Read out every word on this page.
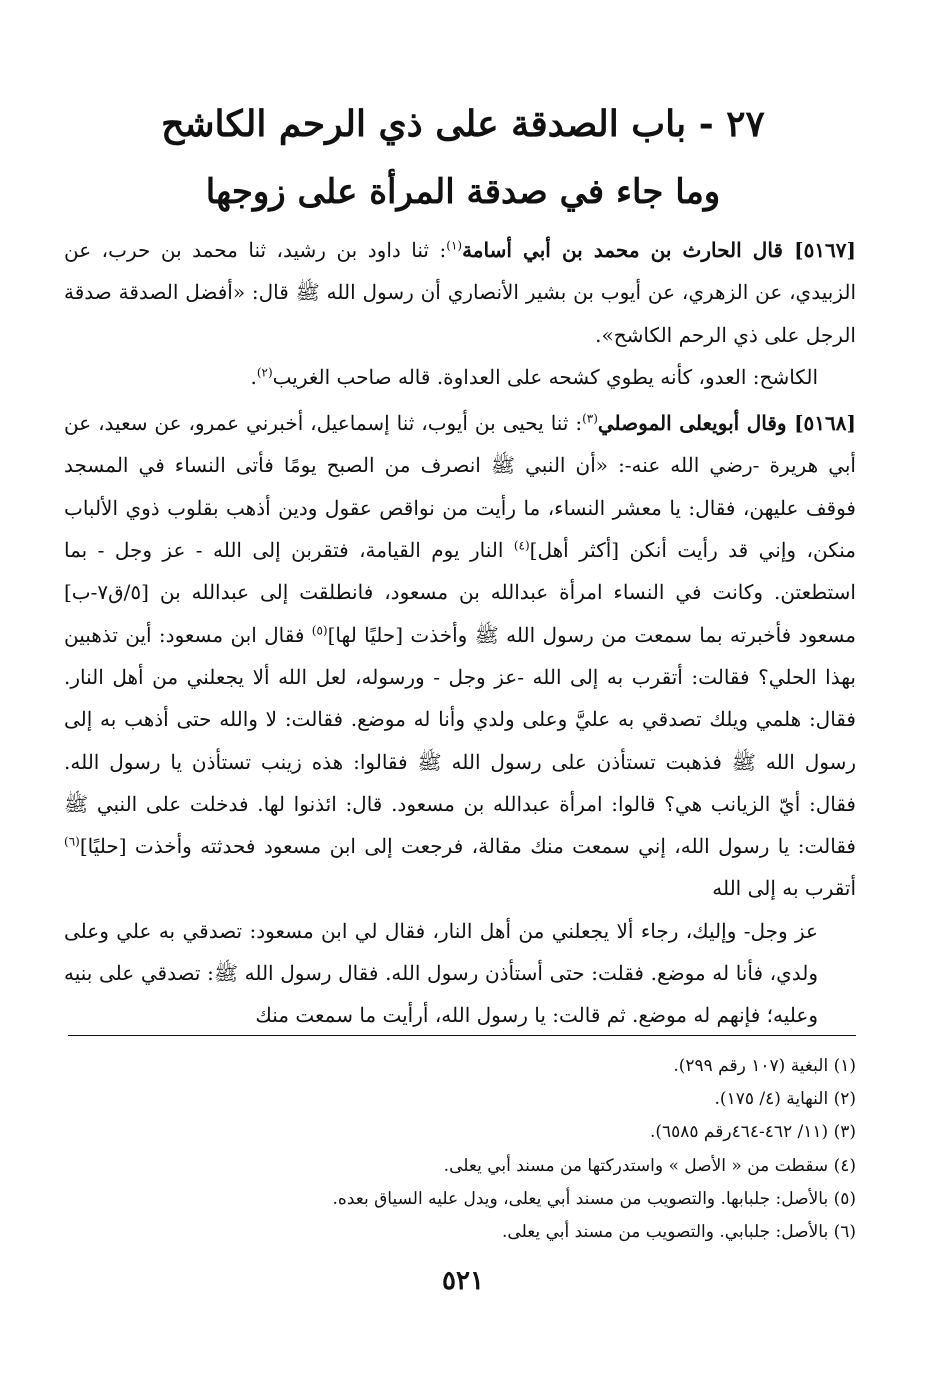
٢٧ - باب الصدقة على ذي الرحم الكاشح
وما جاء في صدقة المرأة على زوجها

[٥١٦٧] قال الحارث بن محمد بن أبي أسامة$^{(١)}$: ثنا داود بن رشيد، ثنا محمد بن حرب، عن الزبيدي، عن الزهري، عن أيوب بن بشير الأنصاري أن رسول الله ﷺ قال: «أفضل الصدقة صدقة الرجل على ذي الرحم الكاشح».

الكاشح: العدو، كأنه يطوي كشحه على العداوة. قاله صاحب الغريب$^{(٢)}$.

[٥١٦٨] وقال أبويعلى الموصلي$^{(٣)}$: ثنا يحيى بن أيوب، ثنا إسماعيل، أخبرني عمرو، عن سعيد، عن أبي هريرة -رضي الله عنه-: «أن النبي ﷺ انصرف من الصبح يومًا فأتى النساء في المسجد فوقف عليهن، فقال: يا معشر النساء، ما رأيت من نواقص عقول ودين أذهب بقلوب ذوي الألباب منكن، وإني قد رأيت أنكن [أكثر أهل]$^{(٤)}$ النار يوم القيامة، فتقربن إلى الله - عز وجل - بما استطعتن. وكانت في النساء امرأة عبدالله بن مسعود، فانطلقت إلى عبدالله بن [٥/ق٧-ب] مسعود فأخبرته بما سمعت من رسول الله ﷺ وأخذت [حليًا لها]$^{(٥)}$ فقال ابن مسعود: أين تذهبين بهذا الحلي؟ فقالت: أتقرب به إلى الله -عز وجل - ورسوله، لعل الله ألا يجعلني من أهل النار. فقال: هلمي ويلك تصدقي به عليَّ وعلى ولدي وأنا له موضع. فقالت: لا والله حتى أذهب به إلى رسول الله ﷺ فذهبت تستأذن على رسول الله ﷺ فقالوا: هذه زينب تستأذن يا رسول الله. فقال: أيّ الزيانب هي؟ قالوا: امرأة عبدالله بن مسعود. قال: ائذنوا لها. فدخلت على النبي ﷺ فقالت: يا رسول الله، إني سمعت منك مقالة، فرجعت إلى ابن مسعود فحدثته وأخذت [حليًا]$^{(٦)}$ أتقرب به إلى الله

عز وجل- وإليك، رجاء ألا يجعلني من أهل النار، فقال لي ابن مسعود: تصدقي به علي وعلى ولدي، فأنا له موضع. فقلت: حتى أستأذن رسول الله. فقال رسول الله ﷺ: تصدقي على بنيه وعليه؛ فإنهم له موضع. ثم قالت: يا رسول الله، أرأيت ما سمعت منك

(١) البغية (١٠٧ رقم ٢٩٩).
(٢) النهاية (٤/ ١٧٥).
(٣) (١١/ ٤٦٢-٤٦٤رقم ٦٥٨٥).
(٤) سقطت من « الأصل » واستدركتها من مسند أبي يعلى.
(٥) بالأصل: جلبابها. والتصويب من مسند أبي يعلى، ويدل عليه السياق بعده.
(٦) بالأصل: جلبابي. والتصويب من مسند أبي يعلى.
٥٢١
